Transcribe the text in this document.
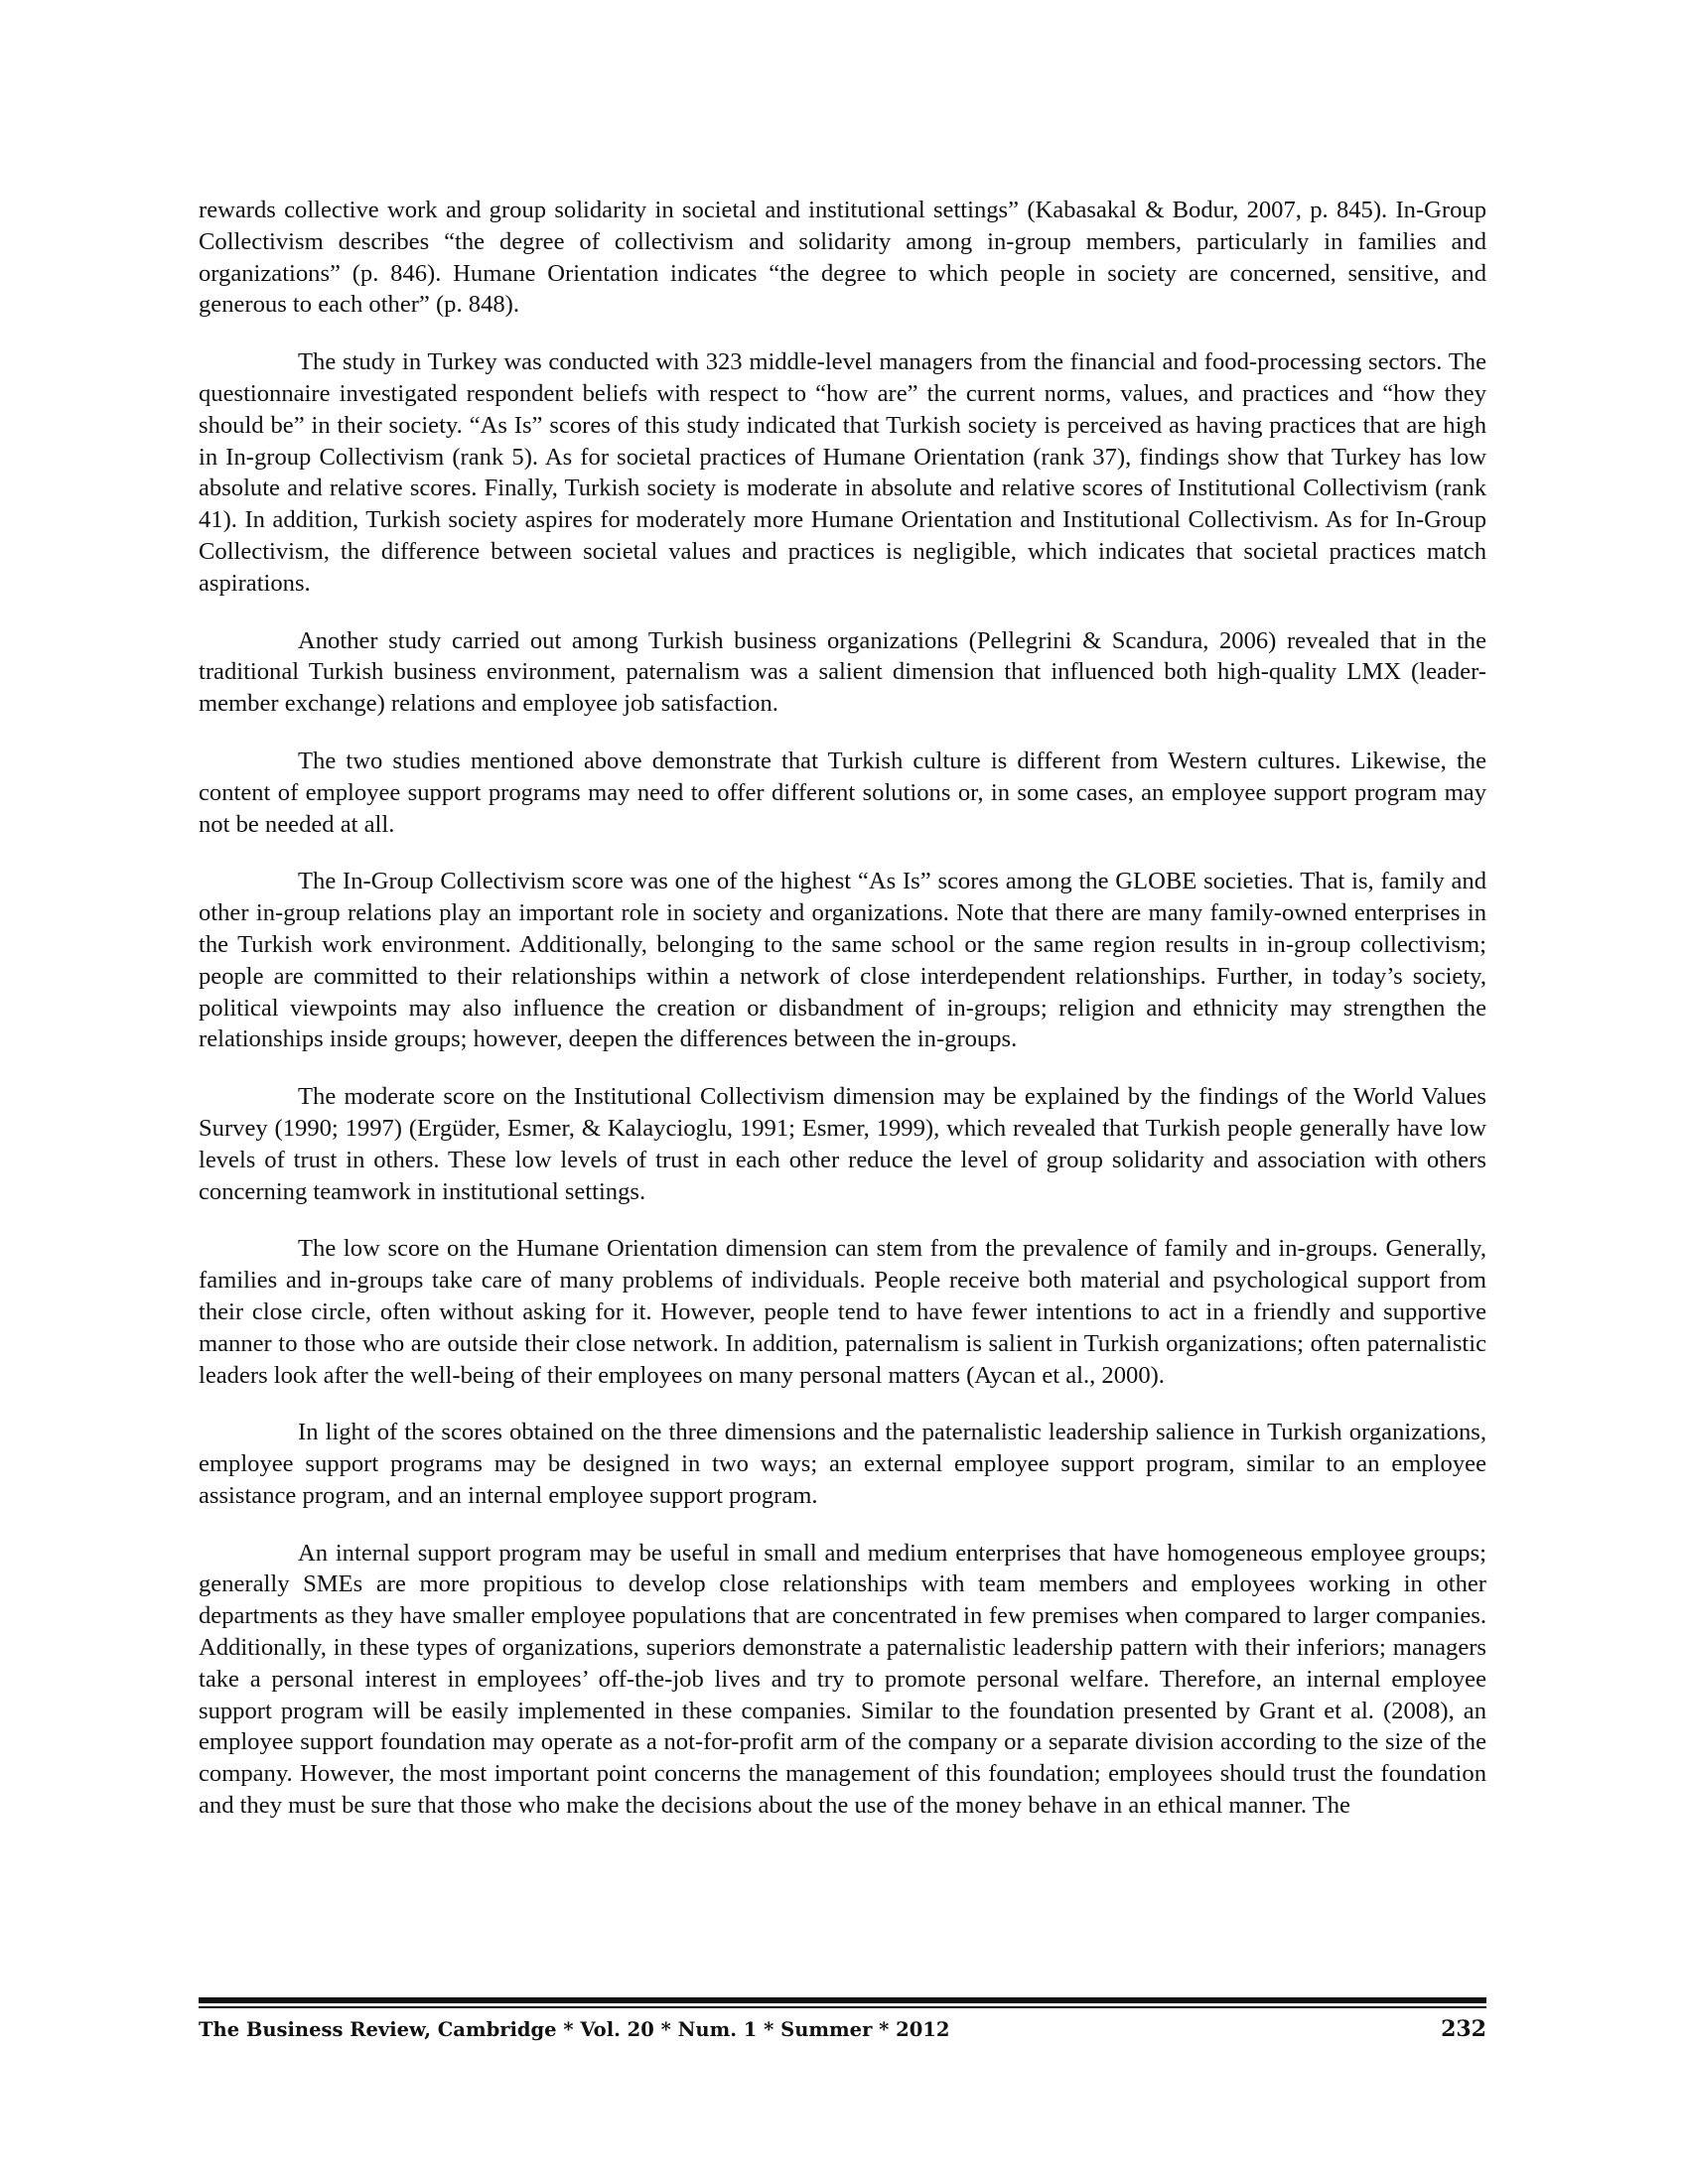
rewards collective work and group solidarity in societal and institutional settings” (Kabasakal & Bodur, 2007, p. 845). In-Group Collectivism describes “the degree of collectivism and solidarity among in-group members, particularly in families and organizations” (p. 846). Humane Orientation indicates “the degree to which people in society are concerned, sensitive, and generous to each other” (p. 848).

The study in Turkey was conducted with 323 middle-level managers from the financial and food-processing sectors. The questionnaire investigated respondent beliefs with respect to “how are” the current norms, values, and practices and “how they should be” in their society. “As Is” scores of this study indicated that Turkish society is perceived as having practices that are high in In-group Collectivism (rank 5). As for societal practices of Humane Orientation (rank 37), findings show that Turkey has low absolute and relative scores. Finally, Turkish society is moderate in absolute and relative scores of Institutional Collectivism (rank 41). In addition, Turkish society aspires for moderately more Humane Orientation and Institutional Collectivism. As for In-Group Collectivism, the difference between societal values and practices is negligible, which indicates that societal practices match aspirations.

Another study carried out among Turkish business organizations (Pellegrini & Scandura, 2006) revealed that in the traditional Turkish business environment, paternalism was a salient dimension that influenced both high-quality LMX (leader-member exchange) relations and employee job satisfaction.

The two studies mentioned above demonstrate that Turkish culture is different from Western cultures. Likewise, the content of employee support programs may need to offer different solutions or, in some cases, an employee support program may not be needed at all.

The In-Group Collectivism score was one of the highest “As Is” scores among the GLOBE societies. That is, family and other in-group relations play an important role in society and organizations. Note that there are many family-owned enterprises in the Turkish work environment. Additionally, belonging to the same school or the same region results in in-group collectivism; people are committed to their relationships within a network of close interdependent relationships. Further, in today’s society, political viewpoints may also influence the creation or disbandment of in-groups; religion and ethnicity may strengthen the relationships inside groups; however, deepen the differences between the in-groups.

The moderate score on the Institutional Collectivism dimension may be explained by the findings of the World Values Survey (1990; 1997) (Ergüder, Esmer, & Kalaycioglu, 1991; Esmer, 1999), which revealed that Turkish people generally have low levels of trust in others. These low levels of trust in each other reduce the level of group solidarity and association with others concerning teamwork in institutional settings.

The low score on the Humane Orientation dimension can stem from the prevalence of family and in-groups. Generally, families and in-groups take care of many problems of individuals. People receive both material and psychological support from their close circle, often without asking for it. However, people tend to have fewer intentions to act in a friendly and supportive manner to those who are outside their close network. In addition, paternalism is salient in Turkish organizations; often paternalistic leaders look after the well-being of their employees on many personal matters (Aycan et al., 2000).

In light of the scores obtained on the three dimensions and the paternalistic leadership salience in Turkish organizations, employee support programs may be designed in two ways; an external employee support program, similar to an employee assistance program, and an internal employee support program.

An internal support program may be useful in small and medium enterprises that have homogeneous employee groups; generally SMEs are more propitious to develop close relationships with team members and employees working in other departments as they have smaller employee populations that are concentrated in few premises when compared to larger companies. Additionally, in these types of organizations, superiors demonstrate a paternalistic leadership pattern with their inferiors; managers take a personal interest in employees’ off-the-job lives and try to promote personal welfare. Therefore, an internal employee support program will be easily implemented in these companies. Similar to the foundation presented by Grant et al. (2008), an employee support foundation may operate as a not-for-profit arm of the company or a separate division according to the size of the company. However, the most important point concerns the management of this foundation; employees should trust the foundation and they must be sure that those who make the decisions about the use of the money behave in an ethical manner. The

The Business Review, Cambridge * Vol. 20 * Num. 1 * Summer * 2012	232
